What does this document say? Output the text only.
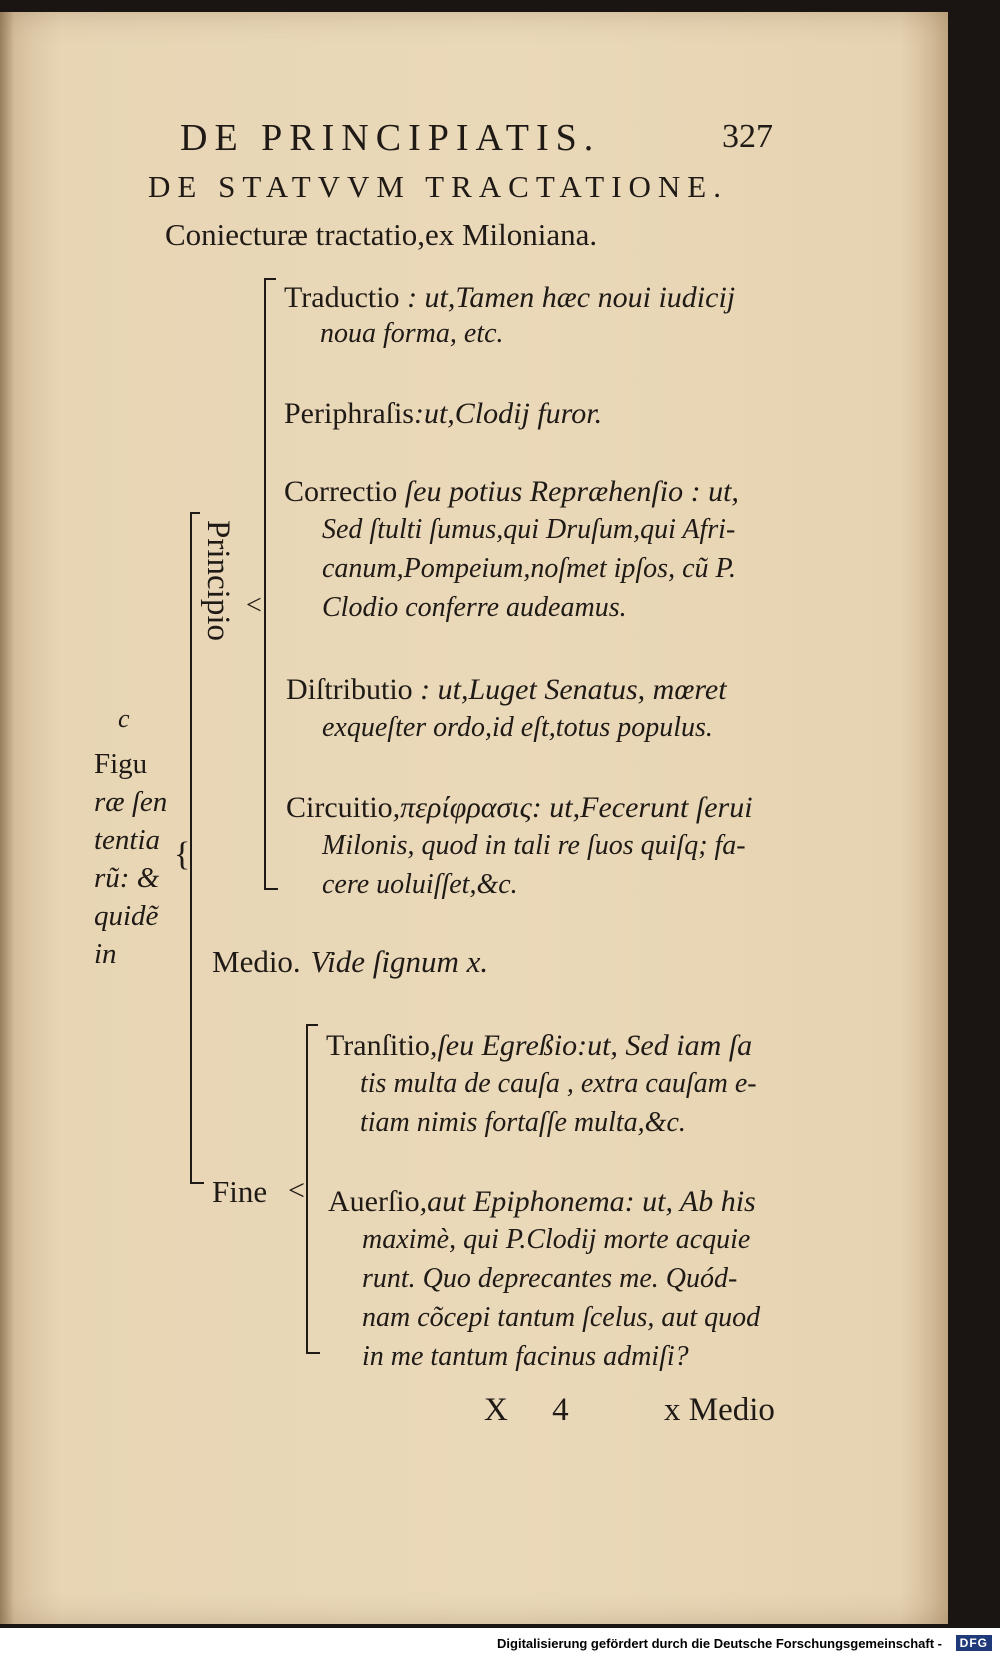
DE PRINCIPIATIS.	327
DE STATVVM TRACTATIONE.
Coniecturæ tractatio,ex Miloniana.
c
Figu
ræ ſen
tentia
rũ: &
quidẽ
in
{
Principio <
Traductio : ut,Tamen hæc noui iudicij
noua forma, etc.
Periphraſis:ut,Clodij furor.
Correctio ſeu potius Repræhenſio : ut,
Sed ſtulti ſumus,qui Druſum,qui Afri-
canum,Pompeium,noſmet ipſos, cũ P.
Clodio conferre audeamus.
Diſtributio : ut,Luget Senatus, mœret
exqueſter ordo,id eſt,totus populus.
Circuitio,περίφρασις: ut,Fecerunt ſerui
Milonis, quod in tali re ſuos quiſq; fa-
cere uoluiſſet,&c.
Medio. Vide ſignum x.
Fine <
Tranſitio,ſeu Egreßio:ut, Sed iam ſa
tis multa de cauſa , extra cauſam e-
tiam nimis fortaſſe multa,&c.
Auerſio,aut Epiphonema: ut, Ab his
maximè, qui P.Clodij morte acquie
runt. Quo deprecantes me. Quód-
nam cõcepi tantum ſcelus, aut quod
in me tantum facinus admiſi?
X 4 x Medio
Digitalisierung gefördert durch die Deutsche Forschungsgemeinschaft -	DFG
